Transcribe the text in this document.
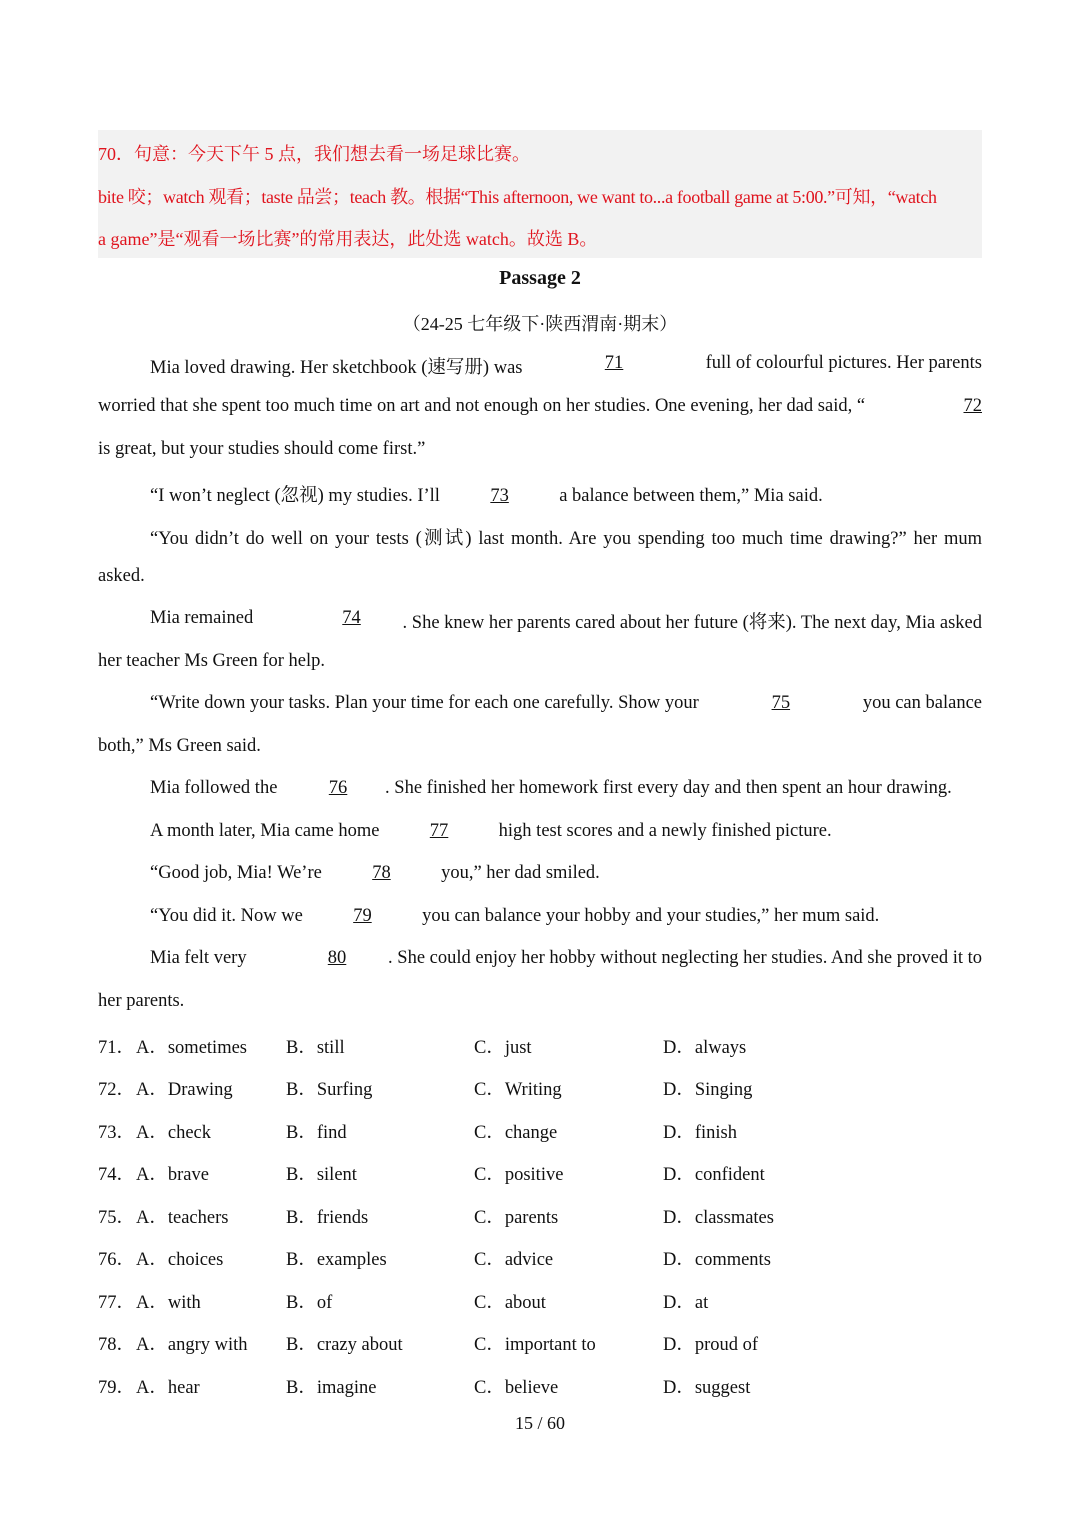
70．句意：今天下午 5 点，我们想去看一场足球比赛。
bite 咬；watch 观看；taste 品尝；teach 教。根据“This afternoon, we want to...a football game at 5:00.”可知，“watch
a game”是“观看一场比赛”的常用表达，此处选 watch。故选 B。
Passage 2
（24-25 七年级下·陕西渭南·期末）
Mia loved drawing. Her sketchbook (速写册) was	71	full of colourful pictures. Her parents
worried that she spent too much time on art and not enough on her studies. One evening, her dad said, “	72
is great, but your studies should come first.”
“I won’t neglect (忽视) my studies. I’ll	73	a balance between them,” Mia said.
“You didn’t do well on your tests (测试) last month. Are you spending too much time drawing?” her mum
asked.
Mia remained	74	. She knew her parents cared about her future (将来). The next day, Mia asked
her teacher Ms Green for help.
“Write down your tasks. Plan your time for each one carefully. Show your	75	you can balance
both,” Ms Green said.
Mia followed the	76 . She finished her homework first every day and then spent an hour drawing.
A month later, Mia came home	77	high test scores and a newly finished picture.
“Good job, Mia! We’re	78	you,” her dad smiled.
“You did it. Now we	79	you can balance your hobby and your studies,” her mum said.
Mia felt very	80	. She could enjoy her hobby without neglecting her studies. And she proved it to
her parents.
71． A．sometimes B．still	C．just	D．always
72． A．Drawing	B．Surfing	C．Writing	D．Singing
73． A．check	B．find	C．change	D．finish
74． A．brave	B．silent	C．positive	D．confident
75． A．teachers	B．friends	C．parents	D．classmates
76． A．choices	B．examples	C．advice	D．comments
77． A．with	B．of	C．about	D．at
78． A．angry with B．crazy about	C．important to	D．proud of
79． A．hear	B．imagine	C．believe	D．suggest
15 / 60
